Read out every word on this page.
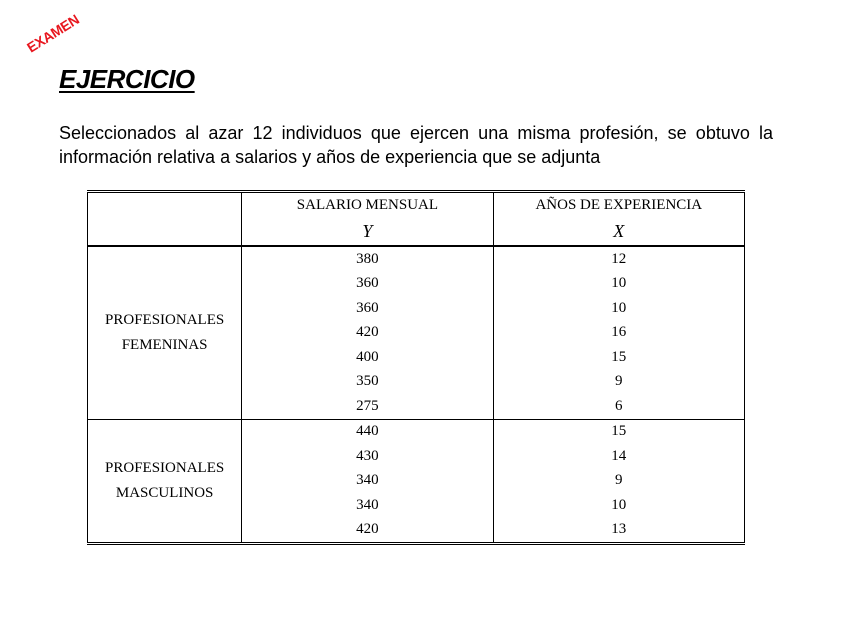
EXAMEN
EJERCICIO

Seleccionados al azar 12 individuos que ejercen una misma profesión, se obtuvo la información relativa a salarios y años de experiencia que se adjunta

	SALARIO MENSUAL	AÑOS DE EXPERIENCIA
	Y	X

PROFESIONALES
FEMENINAS	380	12
	360	10
	360	10
	420	16
	400	15
	350	9
	275	6

PROFESIONALES
MASCULINOS	440	15
	430	14
	340	9
	340	10
	420	13
